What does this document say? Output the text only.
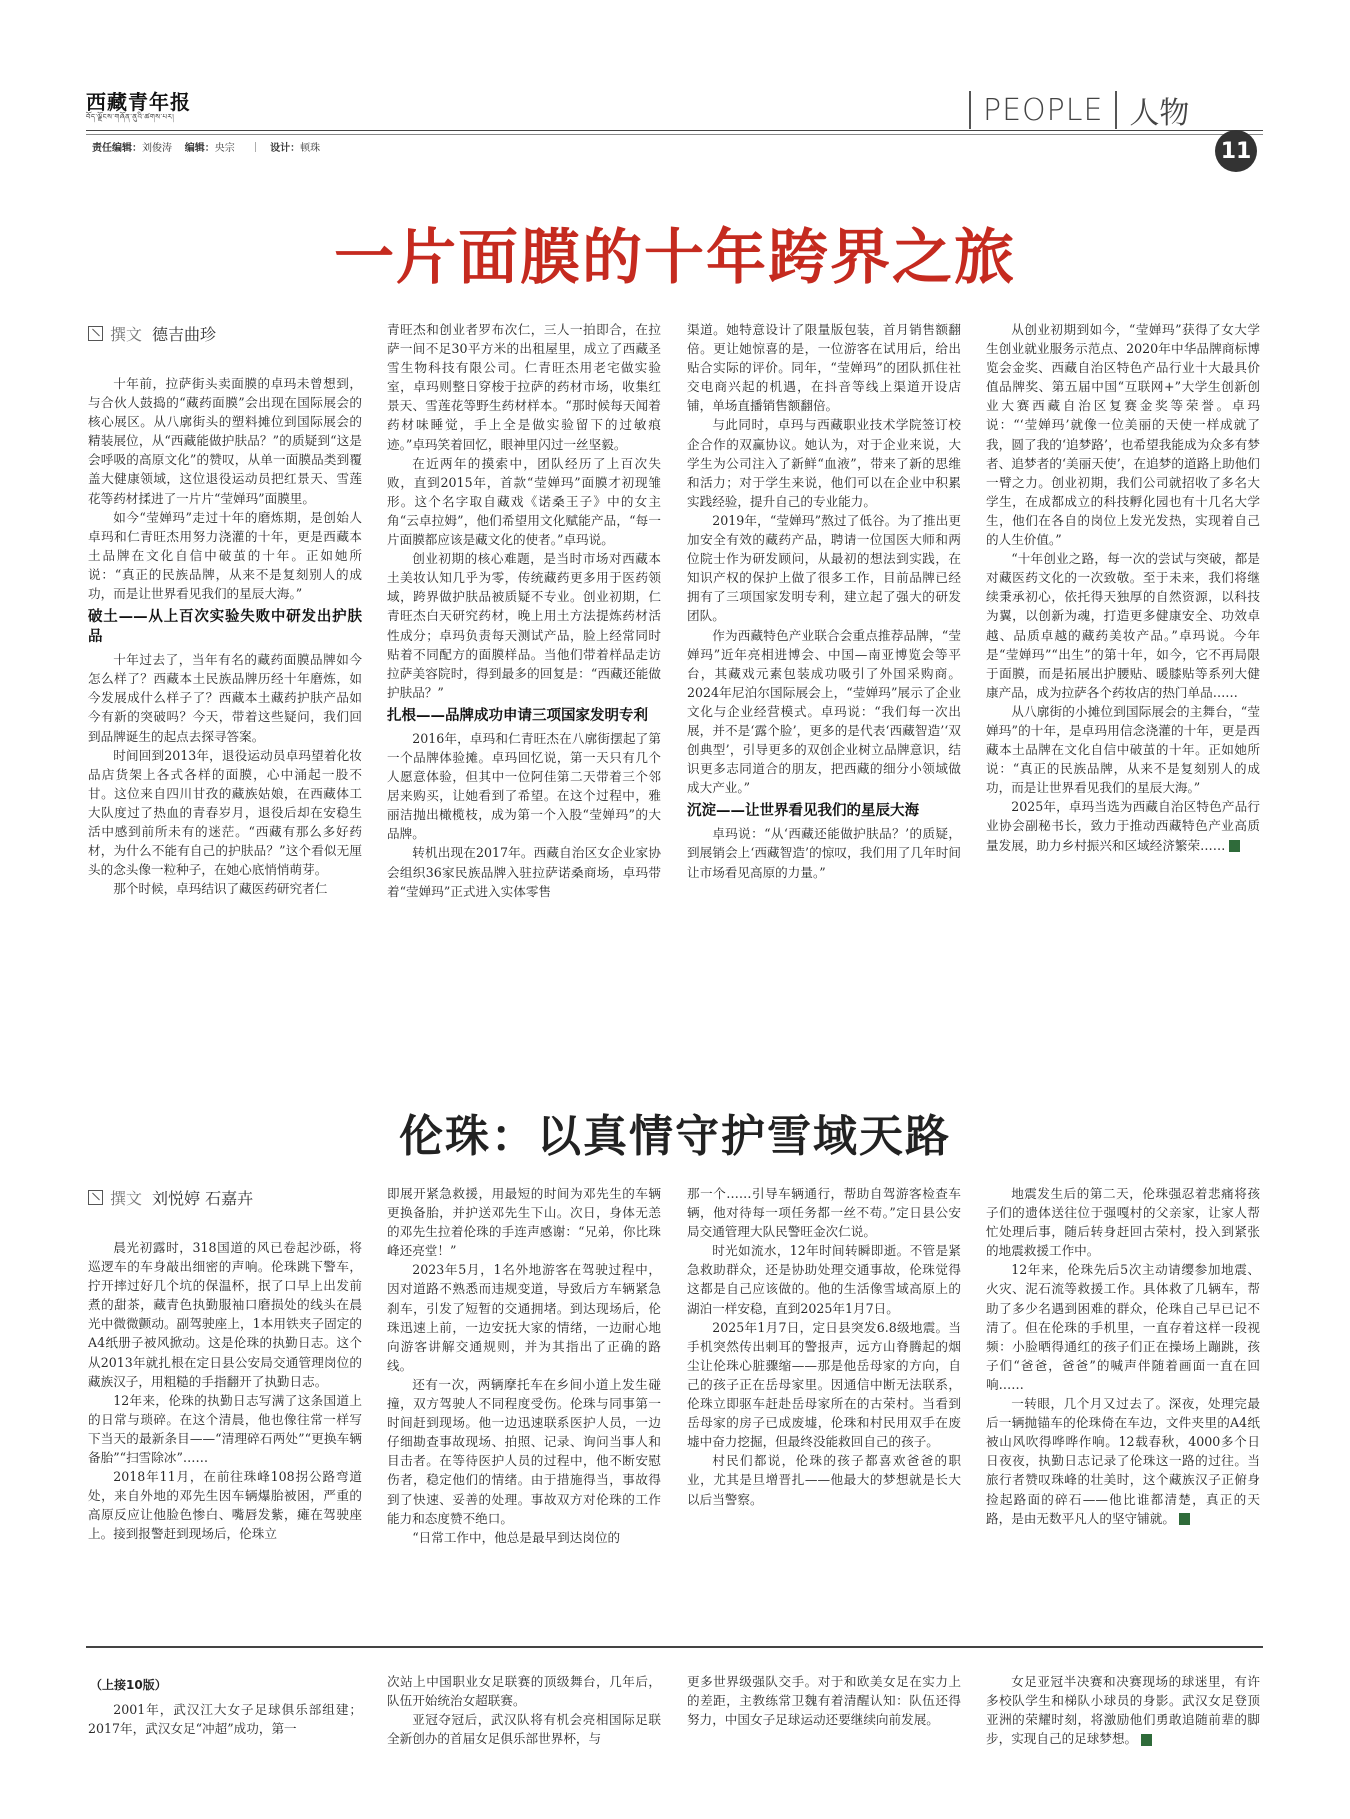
西藏青年报
བོད་ལྗོངས་གཞོན་ནུའི་ཚགས་པར།
责任编辑：刘俊涛 编辑：央宗     ｜   设计：顿珠
PEOPLE 人物
11
一片面膜的十年跨界之旅
撰文 德吉曲珍

十年前，拉萨街头卖面膜的卓玛未曾想到，与合伙人鼓捣的“藏药面膜”会出现在国际展会的核心展区。从八廓街头的塑料摊位到国际展会的精装展位，从“西藏能做护肤品？”的质疑到“这是会呼吸的高原文化”的赞叹，从单一面膜品类到覆盖大健康领域，这位退役运动员把红景天、雪莲花等药材揉进了一片片“莹婵玛”面膜里。

如今“莹婵玛”走过十年的磨炼期，是创始人卓玛和仁青旺杰用努力浇灌的十年，更是西藏本土品牌在文化自信中破茧的十年。正如她所说：“真正的民族品牌，从来不是复刻别人的成功，而是让世界看见我们的星辰大海。”

破土——从上百次实验失败中研发出护肤品

十年过去了，当年有名的藏药面膜品牌如今怎么样了？西藏本土民族品牌历经十年磨炼，如今发展成什么样子了？西藏本土藏药护肤产品如今有新的突破吗？今天，带着这些疑问，我们回到品牌诞生的起点去探寻答案。

时间回到2013年，退役运动员卓玛望着化妆品店货架上各式各样的面膜，心中涌起一股不甘。这位来自四川甘孜的藏族姑娘，在西藏体工大队度过了热血的青春岁月，退役后却在安稳生活中感到前所未有的迷茫。“西藏有那么多好药材，为什么不能有自己的护肤品？”这个看似无厘头的念头像一粒种子，在她心底悄悄萌芽。

那个时候，卓玛结识了藏医药研究者仁

青旺杰和创业者罗布次仁，三人一拍即合，在拉萨一间不足30平方米的出租屋里，成立了西藏圣雪生物科技有限公司。仁青旺杰用老宅做实验室，卓玛则整日穿梭于拉萨的药材市场，收集红景天、雪莲花等野生药材样本。“那时候每天闻着药材味睡觉，手上全是做实验留下的过敏痕迹。”卓玛笑着回忆，眼神里闪过一丝坚毅。

在近两年的摸索中，团队经历了上百次失败，直到2015年，首款“莹婵玛”面膜才初现雏形。这个名字取自藏戏《诺桑王子》中的女主角“云卓拉姆”，他们希望用文化赋能产品，“每一片面膜都应该是藏文化的使者。”卓玛说。

创业初期的核心难题，是当时市场对西藏本土美妆认知几乎为零，传统藏药更多用于医药领域，跨界做护肤品被质疑不专业。创业初期，仁青旺杰白天研究药材，晚上用土方法提炼药材活性成分；卓玛负责每天测试产品，脸上经常同时贴着不同配方的面膜样品。当他们带着样品走访拉萨美容院时，得到最多的回复是：“西藏还能做护肤品？”

扎根——品牌成功申请三项国家发明专利

2016年，卓玛和仁青旺杰在八廓街摆起了第一个品牌体验摊。卓玛回忆说，第一天只有几个人愿意体验，但其中一位阿佳第二天带着三个邻居来购买，让她看到了希望。在这个过程中，雅丽洁抛出橄榄枝，成为第一个入股“莹婵玛”的大品牌。

转机出现在2017年。西藏自治区女企业家协会组织36家民族品牌入驻拉萨诺桑商场，卓玛带着“莹婵玛”正式进入实体零售

渠道。她特意设计了限量版包装，首月销售额翻倍。更让她惊喜的是，一位游客在试用后，给出贴合实际的评价。同年，“莹婵玛”的团队抓住社交电商兴起的机遇，在抖音等线上渠道开设店铺，单场直播销售额翻倍。

与此同时，卓玛与西藏职业技术学院签订校企合作的双赢协议。她认为，对于企业来说，大学生为公司注入了新鲜“血液”，带来了新的思维和活力；对于学生来说，他们可以在企业中积累实践经验，提升自己的专业能力。

2019年，“莹婵玛”熬过了低谷。为了推出更加安全有效的藏药产品，聘请一位国医大师和两位院士作为研发顾问，从最初的想法到实践，在知识产权的保护上做了很多工作，目前品牌已经拥有了三项国家发明专利，建立起了强大的研发团队。

作为西藏特色产业联合会重点推荐品牌，“莹婵玛”近年亮相进博会、中国—南亚博览会等平台，其藏戏元素包装成功吸引了外国采购商。2024年尼泊尔国际展会上，“莹婵玛”展示了企业文化与企业经营模式。卓玛说：“我们每一次出展，并不是‘露个脸’，更多的是代表‘西藏智造’‘双创典型’，引导更多的双创企业树立品牌意识，结识更多志同道合的朋友，把西藏的细分小领域做成大产业。”

沉淀——让世界看见我们的星辰大海

卓玛说：“从‘西藏还能做护肤品？’的质疑，到展销会上‘西藏智造’的惊叹，我们用了几年时间让市场看见高原的力量。”

从创业初期到如今，“莹婵玛”获得了女大学生创业就业服务示范点、2020年中华品牌商标博览会金奖、西藏自治区特色产品行业十大最具价值品牌奖、第五届中国“互联网+”大学生创新创业大赛西藏自治区复赛金奖等荣誉。卓玛说：“‘莹婵玛’就像一位美丽的天使一样成就了我，圆了我的‘追梦路’，也希望我能成为众多有梦者、追梦者的‘美丽天使’，在追梦的道路上助他们一臂之力。创业初期，我们公司就招收了多名大学生，在成都成立的科技孵化园也有十几名大学生，他们在各自的岗位上发光发热，实现着自己的人生价值。”

“十年创业之路，每一次的尝试与突破，都是对藏医药文化的一次致敬。至于未来，我们将继续秉承初心，依托得天独厚的自然资源，以科技为翼，以创新为魂，打造更多健康安全、功效卓越、品质卓越的藏药美妆产品。”卓玛说。今年是“莹婵玛”“出生”的第十年，如今，它不再局限于面膜，而是拓展出护腰贴、暖膝贴等系列大健康产品，成为拉萨各个药妆店的热门单品……

从八廓街的小摊位到国际展会的主舞台，“莹婵玛”的十年，是卓玛用信念浇灌的十年，更是西藏本土品牌在文化自信中破茧的十年。正如她所说：“真正的民族品牌，从来不是复刻别人的成功，而是让世界看见我们的星辰大海。”

2025年，卓玛当选为西藏自治区特色产品行业协会副秘书长，致力于推动西藏特色产业高质量发展，助力乡村振兴和区域经济繁荣……	青

伦珠：以真情守护雪域天路
撰文 刘悦婷 石嘉卉

晨光初露时，318国道的风已卷起沙砾，将巡逻车的车身敲出细密的声响。伦珠跳下警车，拧开摔过好几个坑的保温杯，抿了口早上出发前煮的甜茶，藏青色执勤服袖口磨损处的线头在晨光中微微颤动。副驾驶座上，1本用铁夹子固定的A4纸册子被风掀动。这是伦珠的执勤日志。这个从2013年就扎根在定日县公安局交通管理岗位的藏族汉子，用粗糙的手指翻开了执勤日志。

12年来，伦珠的执勤日志写满了这条国道上的日常与琐碎。在这个清晨，他也像往常一样写下当天的最新条目——“清理碎石两处”“更换车辆备胎”“扫雪除冰”……

2018年11月，在前往珠峰108拐公路弯道处，来自外地的邓先生因车辆爆胎被困，严重的高原反应让他脸色惨白、嘴唇发紫，瘫在驾驶座上。接到报警赶到现场后，伦珠立

即展开紧急救援，用最短的时间为邓先生的车辆更换备胎，并护送邓先生下山。次日，身体无恙的邓先生拉着伦珠的手连声感谢：“兄弟，你比珠峰还亮堂！”

2023年5月，1名外地游客在驾驶过程中，因对道路不熟悉而违规变道，导致后方车辆紧急刹车，引发了短暂的交通拥堵。到达现场后，伦珠迅速上前，一边安抚大家的情绪，一边耐心地向游客讲解交通规则，并为其指出了正确的路线。

还有一次，两辆摩托车在乡间小道上发生碰撞，双方驾驶人不同程度受伤。伦珠与同事第一时间赶到现场。他一边迅速联系医护人员，一边仔细勘查事故现场、拍照、记录、询问当事人和目击者。在等待医护人员的过程中，他不断安慰伤者，稳定他们的情绪。由于措施得当，事故得到了快速、妥善的处理。事故双方对伦珠的工作能力和态度赞不绝口。

“日常工作中，他总是最早到达岗位的

那一个……引导车辆通行，帮助自驾游客检查车辆，他对待每一项任务都一丝不苟。”定日县公安局交通管理大队民警旺金次仁说。

时光如流水，12年时间转瞬即逝。不管是紧急救助群众，还是协助处理交通事故，伦珠觉得这都是自己应该做的。他的生活像雪域高原上的湖泊一样安稳，直到2025年1月7日。

2025年1月7日，定日县突发6.8级地震。当手机突然传出刺耳的警报声，远方山脊腾起的烟尘让伦珠心脏骤缩——那是他岳母家的方向，自己的孩子正在岳母家里。因通信中断无法联系，伦珠立即驱车赶赴岳母家所在的古荣村。当看到岳母家的房子已成废墟，伦珠和村民用双手在废墟中奋力挖掘，但最终没能救回自己的孩子。

村民们都说，伦珠的孩子都喜欢爸爸的职业，尤其是旦增晋扎——他最大的梦想就是长大以后当警察。

地震发生后的第二天，伦珠强忍着悲痛将孩子们的遗体送往位于强嘎村的父亲家，让家人帮忙处理后事，随后转身赶回古荣村，投入到紧张的地震救援工作中。

12年来，伦珠先后5次主动请缨参加地震、火灾、泥石流等救援工作。具体救了几辆车，帮助了多少名遇到困难的群众，伦珠自己早已记不清了。但在伦珠的手机里，一直存着这样一段视频：小脸晒得通红的孩子们正在操场上蹦跳，孩子们“爸爸，爸爸”的喊声伴随着画面一直在回响……

一转眼，几个月又过去了。深夜，处理完最后一辆抛锚车的伦珠倚在车边，文件夹里的A4纸被山风吹得哗哗作响。12载春秋，4000多个日日夜夜，执勤日志记录了伦珠这一路的过往。当旅行者赞叹珠峰的壮美时，这个藏族汉子正俯身捡起路面的碎石——他比谁都清楚，真正的天路，是由无数平凡人的坚守铺就。	青

（上接10版）

2001年，武汉江大女子足球俱乐部组建；2017年，武汉女足“冲超”成功，第一

次站上中国职业女足联赛的顶级舞台，几年后，队伍开始统治女超联赛。

亚冠夺冠后，武汉队将有机会亮相国际足联全新创办的首届女足俱乐部世界杯，与

更多世界级强队交手。对于和欧美女足在实力上的差距，主教练常卫魏有着清醒认知：队伍还得努力，中国女子足球运动还要继续向前发展。

女足亚冠半决赛和决赛现场的球迷里，有许多校队学生和梯队小球员的身影。武汉女足登顶亚洲的荣耀时刻，将激励他们勇敢追随前辈的脚步，实现自己的足球梦想。	青
